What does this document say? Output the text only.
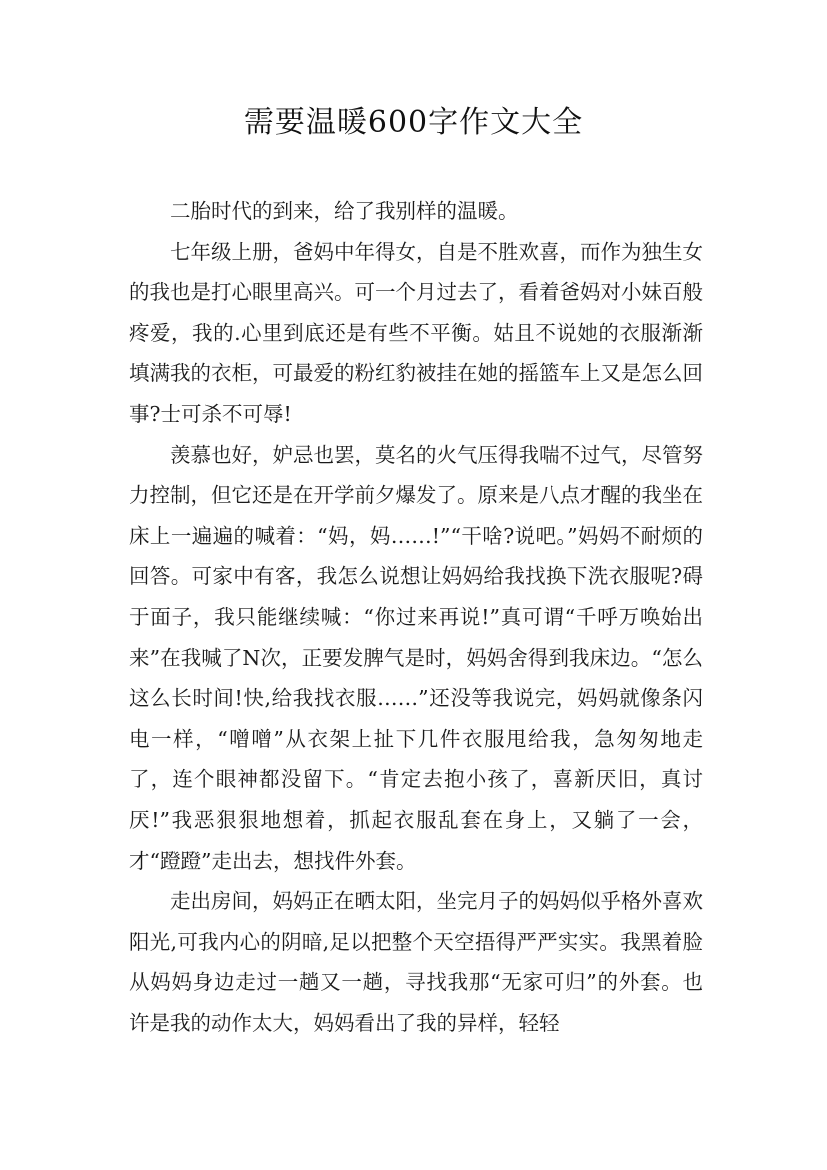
需要温暖600字作文大全

二胎时代的到来，给了我别样的温暖。

七年级上册，爸妈中年得女，自是不胜欢喜，而作为独生女的我也是打心眼里高兴。可一个月过去了，看着爸妈对小妹百般疼爱，我的.心里到底还是有些不平衡。姑且不说她的衣服渐渐填满我的衣柜，可最爱的粉红豹被挂在她的摇篮车上又是怎么回事?士可杀不可辱!

羡慕也好，妒忌也罢，莫名的火气压得我喘不过气，尽管努力控制，但它还是在开学前夕爆发了。原来是八点才醒的我坐在床上一遍遍的喊着：“妈，妈……!”“干啥?说吧。”妈妈不耐烦的回答。可家中有客，我怎么说想让妈妈给我找换下洗衣服呢?碍于面子，我只能继续喊：“你过来再说!”真可谓“千呼万唤始出来”在我喊了N次，正要发脾气是时，妈妈舍得到我床边。“怎么这么长时间!快,给我找衣服……”还没等我说完，妈妈就像条闪电一样，“噌噌”从衣架上扯下几件衣服甩给我，急匆匆地走了，连个眼神都没留下。“肯定去抱小孩了，喜新厌旧，真讨厌!”我恶狠狠地想着，抓起衣服乱套在身上，又躺了一会，才“蹬蹬”走出去，想找件外套。

走出房间，妈妈正在晒太阳，坐完月子的妈妈似乎格外喜欢阳光,可我内心的阴暗,足以把整个天空捂得严严实实。我黑着脸从妈妈身边走过一趟又一趟，寻找我那“无家可归”的外套。也许是我的动作太大，妈妈看出了我的异样，轻轻
